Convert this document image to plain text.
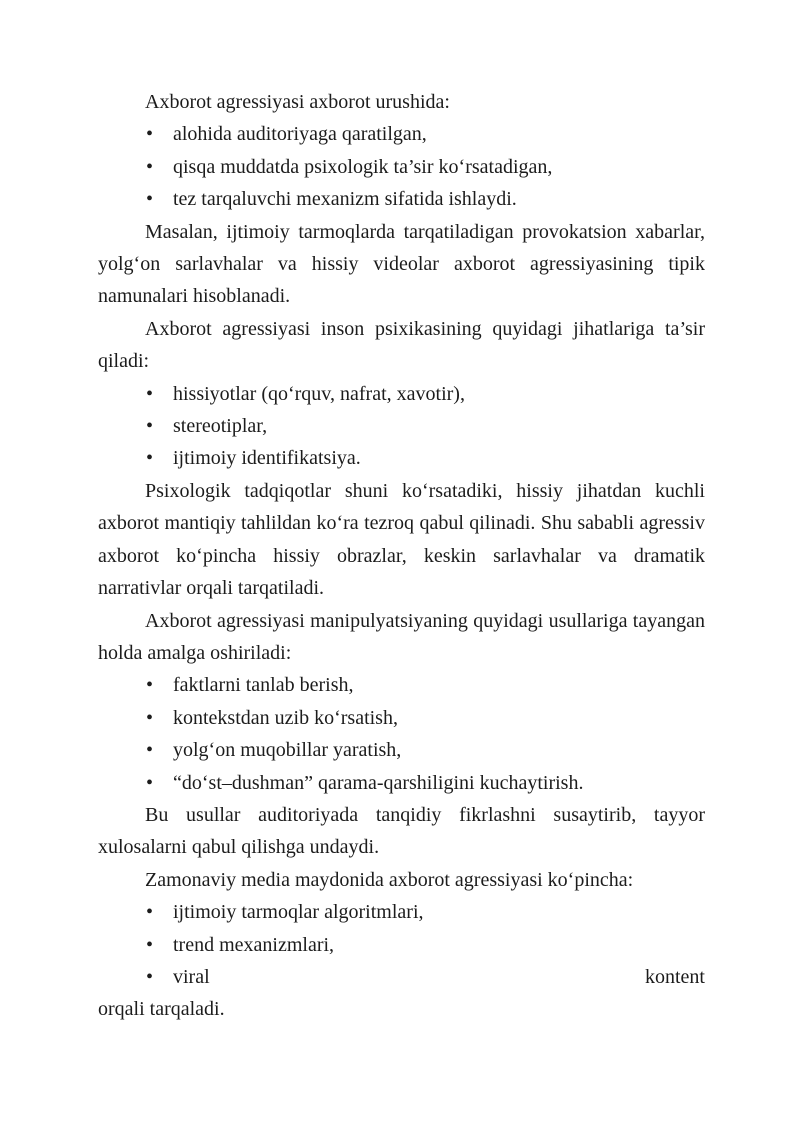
Axborot agressiyasi axborot urushida:

• alohida auditoriyaga qaratilgan,
• qisqa muddatda psixologik ta’sir ko‘rsatadigan,
• tez tarqaluvchi mexanizm sifatida ishlaydi.

Masalan, ijtimoiy tarmoqlarda tarqatiladigan provokatsion xabarlar, yolg‘on sarlavhalar va hissiy videolar axborot agressiyasining tipik namunalari hisoblanadi.

Axborot agressiyasi inson psixikasining quyidagi jihatlariga ta’sir qiladi:

• hissiyotlar (qo‘rquv, nafrat, xavotir),
• stereotiplar,
• ijtimoiy identifikatsiya.

Psixologik tadqiqotlar shuni ko‘rsatadiki, hissiy jihatdan kuchli axborot mantiqiy tahlildan ko‘ra tezroq qabul qilinadi. Shu sababli agressiv axborot ko‘pincha hissiy obrazlar, keskin sarlavhalar va dramatik narrativlar orqali tarqatiladi.

Axborot agressiyasi manipulyatsiyaning quyidagi usullariga tayangan holda amalga oshiriladi:

• faktlarni tanlab berish,
• kontekstdan uzib ko‘rsatish,
• yolg‘on muqobillar yaratish,
• “do‘st–dushman” qarama-qarshiligini kuchaytirish.

Bu usullar auditoriyada tanqidiy fikrlashni susaytirib, tayyor xulosalarni qabul qilishga undaydi.

Zamonaviy media maydonida axborot agressiyasi ko‘pincha:

• ijtimoiy tarmoqlar algoritmlari,
• trend mexanizmlari,
• viral	kontent

orqali tarqaladi.
